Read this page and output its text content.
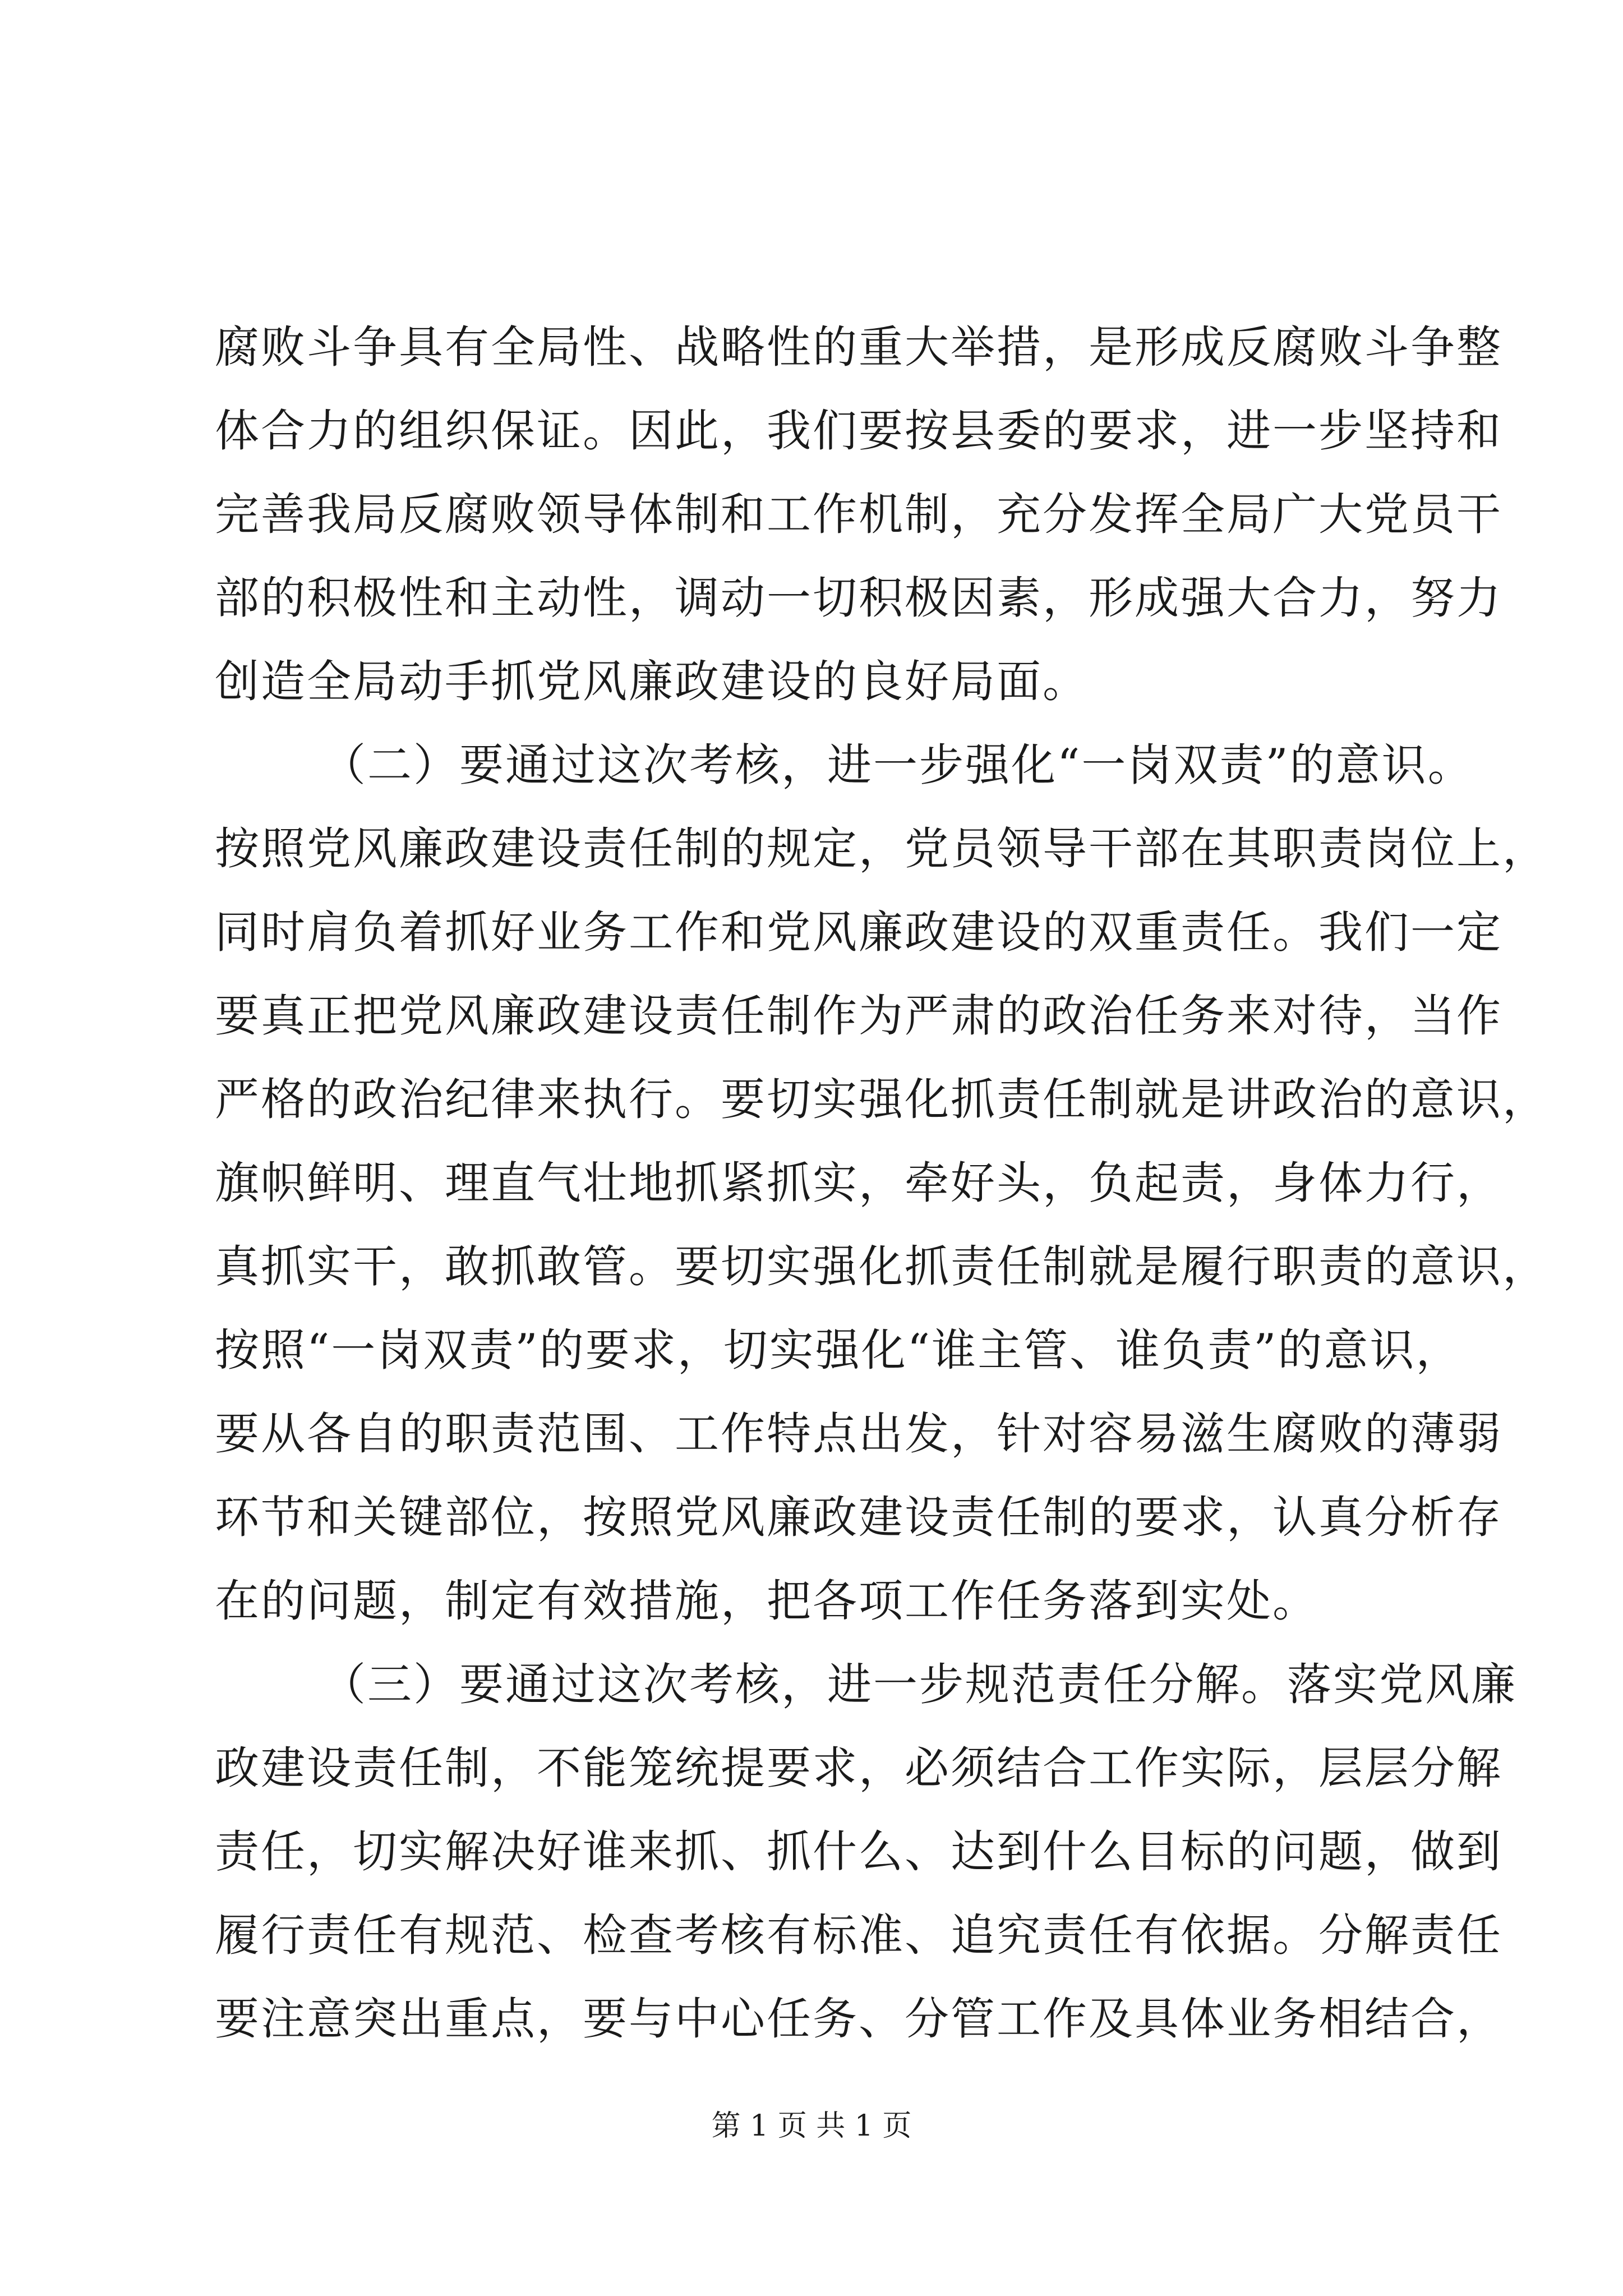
腐败斗争具有全局性、战略性的重大举措，是形成反腐败斗争整
体合力的组织保证。因此，我们要按县委的要求，进一步坚持和
完善我局反腐败领导体制和工作机制，充分发挥全局广大党员干
部的积极性和主动性，调动一切积极因素，形成强大合力，努力
创造全局动手抓党风廉政建设的良好局面。
（二）要通过这次考核，进一步强化“一岗双责”的意识。
按照党风廉政建设责任制的规定，党员领导干部在其职责岗位上，
同时肩负着抓好业务工作和党风廉政建设的双重责任。我们一定
要真正把党风廉政建设责任制作为严肃的政治任务来对待，当作
严格的政治纪律来执行。要切实强化抓责任制就是讲政治的意识，
旗帜鲜明、理直气壮地抓紧抓实，牵好头，负起责，身体力行，
真抓实干，敢抓敢管。要切实强化抓责任制就是履行职责的意识，
按照“一岗双责”的要求，切实强化“谁主管、谁负责”的意识，
要从各自的职责范围、工作特点出发，针对容易滋生腐败的薄弱
环节和关键部位，按照党风廉政建设责任制的要求，认真分析存
在的问题，制定有效措施，把各项工作任务落到实处。
（三）要通过这次考核，进一步规范责任分解。落实党风廉
政建设责任制，不能笼统提要求，必须结合工作实际，层层分解
责任，切实解决好谁来抓、抓什么、达到什么目标的问题，做到
履行责任有规范、检查考核有标准、追究责任有依据。分解责任
要注意突出重点，要与中心任务、分管工作及具体业务相结合，
第 1 页 共 1 页
